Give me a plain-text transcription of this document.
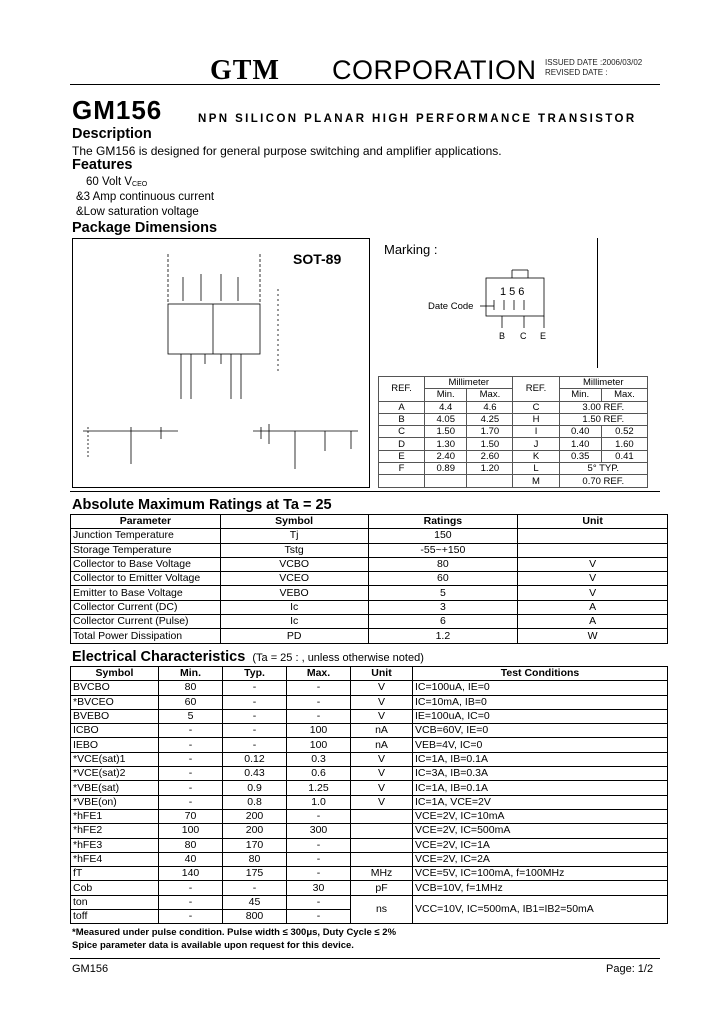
GTM CORPORATION ISSUED DATE :2006/03/02
REVISED DATE :
GM156	NPN SILICON PLANAR HIGH PERFORMANCE TRANSISTOR
Description
The GM156 is designed for general purpose switching and amplifier applications.
Features
60 Volt $V_{CEO}$
&3 Amp continuous current
&Low saturation voltage
Package Dimensions
SOT-89
Marking :
156
Date Code
B C E
REF.	Millimeter		REF.	Millimeter	
	Min.	Max.		Min.	Max.
A	4.4	4.6	C	3.00 REF.	
B	4.05	4.25	H	1.50 REF.	
C	1.50	1.70	I	0.40	0.52
D	1.30	1.50	J	1.40	1.60
E	2.40	2.60	K	0.35	0.41
F	0.89	1.20	L	5° TYP.	
			M	0.70 REF.	
Absolute Maximum Ratings at Ta = 25
Parameter	Symbol	Ratings	Unit
Junction Temperature	Tj	150	
Storage Temperature	Tstg	-55~+150	
Collector to Base Voltage	VCBO	80	V
Collector to Emitter Voltage	VCEO	60	V
Emitter to Base Voltage	VEBO	5	V
Collector Current (DC)	Ic	3	A
Collector Current (Pulse)	Ic	6	A
Total Power Dissipation	PD	1.2	W
Electrical Characteristics (Ta = 25 : , unless otherwise noted)
Symbol	Min.	Typ.	Max.	Unit	Test Conditions
BVCBO	80	-	-	V	IC=100uA, IE=0
*BVCEO	60	-	-	V	IC=10mA, IB=0
BVEBO	5	-	-	V	IE=100uA, IC=0
ICBO	-	-	100	nA	VCB=60V, IE=0
IEBO	-	-	100	nA	VEB=4V, IC=0
*VCE(sat)1	-	0.12	0.3	V	IC=1A, IB=0.1A
*VCE(sat)2	-	0.43	0.6	V	IC=3A, IB=0.3A
*VBE(sat)	-	0.9	1.25	V	IC=1A, IB=0.1A
*VBE(on)	-	0.8	1.0	V	IC=1A, VCE=2V
*hFE1	70	200	-		VCE=2V, IC=10mA
*hFE2	100	200	300		VCE=2V, IC=500mA
*hFE3	80	170	-		VCE=2V, IC=1A
*hFE4	40	80	-		VCE=2V, IC=2A
fT	140	175	-	MHz	VCE=5V, IC=100mA, f=100MHz
Cob	-	-	30	pF	VCB=10V, f=1MHz
ton	-	45	-	ns	VCC=10V, IC=500mA, IB1=IB2=50mA
toff	-	800	-		
*Measured under pulse condition. Pulse width ≤ 300μs, Duty Cycle ≤ 2%
Spice parameter data is available upon request for this device.
GM156	Page: 1/2
